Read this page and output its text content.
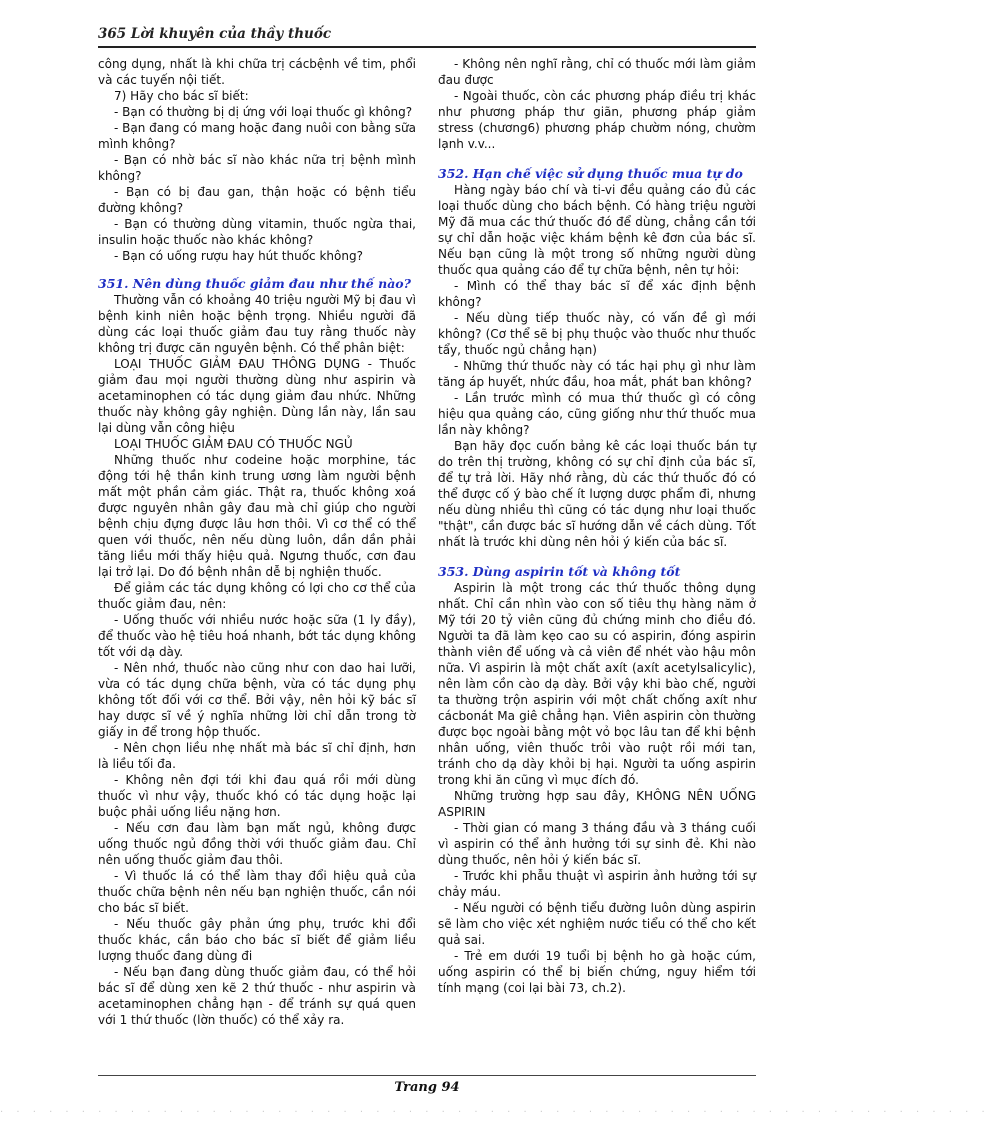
365 Lời khuyên của thầy thuốc

công dụng, nhất là khi chữa trị cácbệnh về tim, phổi và các tuyến nội tiết.

7) Hãy cho bác sĩ biết:

- Bạn có thường bị dị ứng với loại thuốc gì không?

- Bạn đang có mang hoặc đang nuôi con bằng sữa mình không?

- Bạn có nhờ bác sĩ nào khác nữa trị bệnh mình không?

- Bạn có bị đau gan, thận hoặc có bệnh tiểu đường không?

- Bạn có thường dùng vitamin, thuốc ngừa thai, insulin hoặc thuốc nào khác không?

- Bạn có uống rượu hay hút thuốc không?

351. Nên dùng thuốc giảm đau như thế nào?

Thường vẫn có khoảng 40 triệu người Mỹ bị đau vì bệnh kinh niên hoặc bệnh trọng. Nhiều người đã dùng các loại thuốc giảm đau tuy rằng thuốc này không trị được căn nguyên bệnh. Có thể phân biệt:

LOẠI THUỐC GIẢM ĐAU THÔNG DỤNG - Thuốc giảm đau mọi người thường dùng như aspirin và acetaminophen có tác dụng giảm đau nhức. Những thuốc này không gây nghiện. Dùng lần này, lần sau lại dùng vẫn công hiệu

LOẠI THUỐC GIẢM ĐAU CÓ THUỐC NGỦ

Những thuốc như codeine hoặc morphine, tác động tới hệ thần kinh trung ương làm người bệnh mất một phần cảm giác. Thật ra, thuốc không xoá được nguyên nhân gây đau mà chỉ giúp cho người bệnh chịu đựng được lâu hơn thôi. Vì cơ thể có thể quen với thuốc, nên nếu dùng luôn, dần dần phải tăng liều mới thấy hiệu quả. Ngưng thuốc, cơn đau lại trở lại. Do đó bệnh nhân dễ bị nghiện thuốc.

Để giảm các tác dụng không có lợi cho cơ thể của thuốc giảm đau, nên:

- Uống thuốc với nhiều nước hoặc sữa (1 ly đầy), để thuốc vào hệ tiêu hoá nhanh, bớt tác dụng không tốt với dạ dày.

- Nên nhớ, thuốc nào cũng như con dao hai lưỡi, vừa có tác dụng chữa bệnh, vừa có tác dụng phụ không tốt đối với cơ thể. Bởi vậy, nên hỏi kỹ bác sĩ hay dược sĩ về ý nghĩa những lời chỉ dẫn trong tờ giấy in để trong hộp thuốc.

- Nên chọn liều nhẹ nhất mà bác sĩ chỉ định, hơn là liều tối đa.

- Không nên đợi tới khi đau quá rồi mới dùng thuốc vì như vậy, thuốc khó có tác dụng hoặc lại buộc phải uống liều nặng hơn.

- Nếu cơn đau làm bạn mất ngủ, không được uống thuốc ngủ đồng thời với thuốc giảm đau. Chỉ nên uống thuốc giảm đau thôi.

- Vì thuốc lá có thể làm thay đổi hiệu quả của thuốc chữa bệnh nên nếu bạn nghiện thuốc, cần nói cho bác sĩ biết.

- Nếu thuốc gây phản ứng phụ, trước khi đổi thuốc khác, cần báo cho bác sĩ biết để giảm liều lượng thuốc đang dùng đi

- Nếu bạn đang dùng thuốc giảm đau, có thể hỏi bác sĩ để dùng xen kẽ 2 thứ thuốc - như aspirin và acetaminophen chẳng hạn - để tránh sự quá quen với 1 thứ thuốc (lờn thuốc) có thể xảy ra.

- Không nên nghĩ rằng, chỉ có thuốc mới làm giảm đau được

- Ngoài thuốc, còn các phương pháp điều trị khác như phương pháp thư giãn, phương pháp giảm stress (chương6) phương pháp chườm nóng, chườm lạnh v.v...

352. Hạn chế việc sử dụng thuốc mua tự do

Hàng ngày báo chí và ti-vi đều quảng cáo đủ các loại thuốc dùng cho bách bệnh. Có hàng triệu người Mỹ đã mua các thứ thuốc đó để dùng, chẳng cần tới sự chỉ dẫn hoặc việc khám bệnh kê đơn của bác sĩ. Nếu bạn cũng là một trong số những người dùng thuốc qua quảng cáo để tự chữa bệnh, nên tự hỏi:

- Mình có thể thay bác sĩ để xác định bệnh không?

- Nếu dùng tiếp thuốc này, có vấn đề gì mới không? (Cơ thể sẽ bị phụ thuộc vào thuốc như thuốc tẩy, thuốc ngủ chẳng hạn)

- Những thứ thuốc này có tác hại phụ gì như làm tăng áp huyết, nhức đầu, hoa mắt, phát ban không?

- Lần trước mình có mua thứ thuốc gì có công hiệu qua quảng cáo, cũng giống như thứ thuốc mua lần này không?

Bạn hãy đọc cuốn bảng kê các loại thuốc bán tự do trên thị trường, không có sự chỉ định của bác sĩ, để tự trả lời. Hãy nhớ rằng, dù các thứ thuốc đó có thể được cố ý bào chế ít lượng dược phẩm đi, nhưng nếu dùng nhiều thì cũng có tác dụng như loại thuốc "thật", cần được bác sĩ hướng dẫn về cách dùng. Tốt nhất là trước khi dùng nên hỏi ý kiến của bác sĩ.

353. Dùng aspirin tốt và không tốt

Aspirin là một trong các thứ thuốc thông dụng nhất. Chỉ cần nhìn vào con số tiêu thụ hàng năm ở Mỹ tới 20 tỷ viên cũng đủ chứng minh cho điều đó. Người ta đã làm kẹo cao su có aspirin, đóng aspirin thành viên để uống và cả viên để nhét vào hậu môn nữa. Vì aspirin là một chất axít (axít acetylsalicylic), nên làm cồn cào dạ dày. Bởi vậy khi bào chế, người ta thường trộn aspirin với một chất chống axít như cácbonát Ma giê chẳng hạn. Viên aspirin còn thường được bọc ngoài bằng một vỏ bọc lâu tan để khi bệnh nhân uống, viên thuốc trôi vào ruột rồi mới tan, tránh cho dạ dày khỏi bị hại. Người ta uống aspirin trong khi ăn cũng vì mục đích đó.

Những trường hợp sau đây, KHÔNG NÊN UỐNG ASPIRIN

- Thời gian có mang 3 tháng đầu và 3 tháng cuối vì aspirin có thể ảnh hưởng tới sự sinh đẻ. Khi nào dùng thuốc, nên hỏi ý kiến bác sĩ.

- Trước khi phẫu thuật vì aspirin ảnh hưởng tới sự chảy máu.

- Nếu người có bệnh tiểu đường luôn dùng aspirin sẽ làm cho việc xét nghiệm nước tiểu có thể cho kết quả sai.

- Trẻ em dưới 19 tuổi bị bệnh ho gà hoặc cúm, uống aspirin có thể bị biến chứng, nguy hiểm tới tính mạng (coi lại bài 73, ch.2).

Trang 94
· · · · · · · · · · · · · · · · · · · · · · · · · · · · · · · · · · · · · · · · · · · · · · · · · · · · · · · · · · · · ·
